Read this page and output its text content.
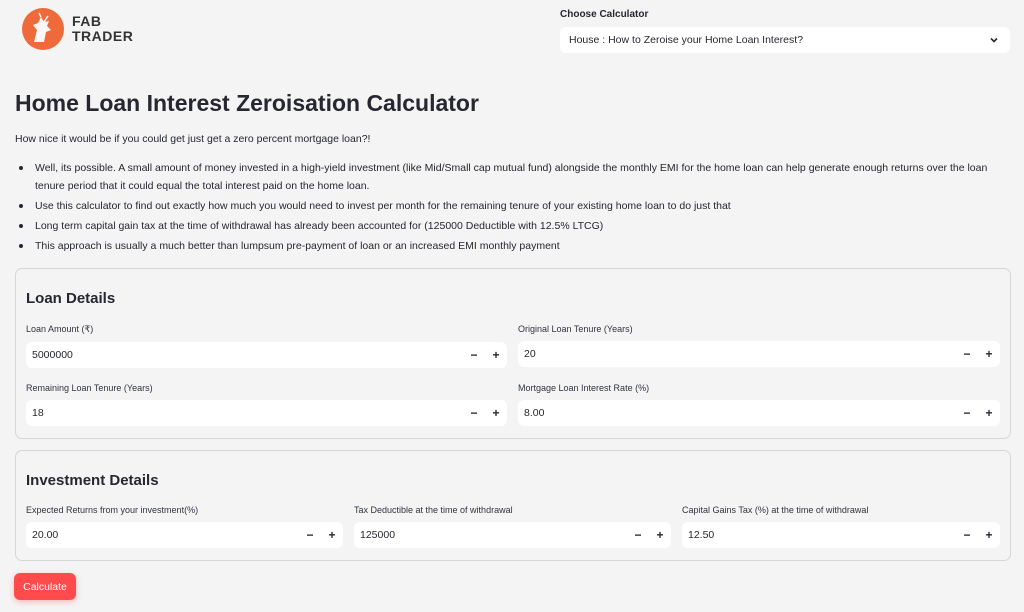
FAB
TRADER
Choose Calculator
House : How to Zeroise your Home Loan Interest?
Home Loan Interest Zeroisation Calculator
How nice it would be if you could get just get a zero percent mortgage loan?!
Well, its possible. A small amount of money invested in a high-yield investment (like Mid/Small cap mutual fund) alongside the monthly EMI for the home loan can help generate enough returns over the loan tenure period that it could equal the total interest paid on the home loan.
Use this calculator to find out exactly how much you would need to invest per month for the remaining tenure of your existing home loan to do just that
Long term capital gain tax at the time of withdrawal has already been accounted for (125000 Deductible with 12.5% LTCG)
This approach is usually a much better than lumpsum pre-payment of loan or an increased EMI monthly payment
Loan Details
Loan Amount (₹)
5000000	−	+
Original Loan Tenure (Years)
20	−	+
Remaining Loan Tenure (Years)
18	−	+
Mortgage Loan Interest Rate (%)
8.00	−	+
Investment Details
Expected Returns from your investment(%)
20.00	−	+
Tax Deductible at the time of withdrawal
125000	−	+
Capital Gains Tax (%) at the time of withdrawal
12.50	−	+
Calculate
